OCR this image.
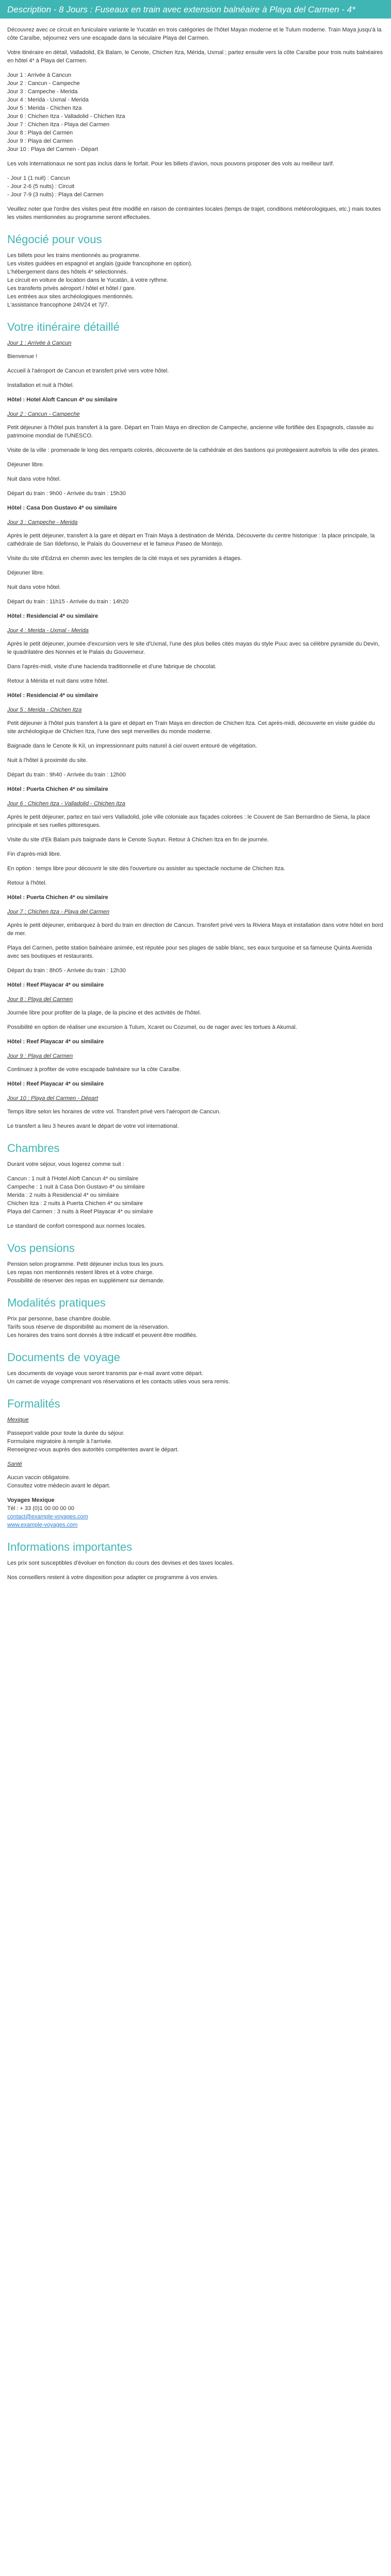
Description - 8 Jours : Fuseaux en train avec extension balnéaire à Playa del Carmen - 4*

Découvrez avec ce circuit en funiculaire variante le Yucatán en trois catégories de l'hôtel Mayan moderne et le Tulum moderne. Train Maya jusqu'à la côte Caraïbe, séjournez vers une escapade dans la séculaire Playa del Carmen.

Votre itinéraire en détail, Valladolid, Ek Balam, le Cenote, Chichen Itza, Mérida, Uxmal ; partez ensuite vers la côte Caraïbe pour trois nuits balnéaires en hôtel 4* à Playa del Carmen.

Jour 1 : Arrivée à Cancun
Jour 2 : Cancun - Campeche
Jour 3 : Campeche - Merida
Jour 4 : Merida - Uxmal - Merida
Jour 5 : Merida - Chichen Itza
Jour 6 : Chichen Itza - Valladolid - Chichen Itza
Jour 7 : Chichen Itza - Playa del Carmen
Jour 8 : Playa del Carmen
Jour 9 : Playa del Carmen
Jour 10 : Playa del Carmen - Départ

Les vols internationaux ne sont pas inclus dans le forfait. Pour les billets d'avion, nous pouvons proposer des vols au meilleur tarif.

- Jour 1 (1 nuit) : Cancun
- Jour 2-6 (5 nuits) : Circuit
- Jour 7-9 (3 nuits) : Playa del Carmen

Veuillez noter que l'ordre des visites peut être modifié en raison de contraintes locales (temps de trajet, conditions météorologiques, etc.) mais toutes les visites mentionnées au programme seront effectuées.

Négocié pour vous
Les billets pour les trains mentionnés au programme.
Les visites guidées en espagnol et anglais (guide francophone en option).
L'hébergement dans des hôtels 4* sélectionnés.
Le circuit en voiture de location dans le Yucatán, à votre rythme.
Les transferts privés aéroport / hôtel et hôtel / gare.
Les entrées aux sites archéologiques mentionnés.
L'assistance francophone 24h/24 et 7j/7.
Votre itinéraire détaillé
Jour 1 : Arrivée à Cancun

Bienvenue !

Accueil à l'aéroport de Cancun et transfert privé vers votre hôtel.

Installation et nuit à l'hôtel.

Hôtel : Hotel Aloft Cancun 4* ou similaire

Jour 2 : Cancun - Campeche

Petit déjeuner à l'hôtel puis transfert à la gare. Départ en Train Maya en direction de Campeche, ancienne ville fortifiée des Espagnols, classée au patrimoine mondial de l'UNESCO.

Visite de la ville : promenade le long des remparts colorés, découverte de la cathédrale et des bastions qui protégeaient autrefois la ville des pirates.

Déjeuner libre.

Nuit dans votre hôtel.

Départ du train : 9h00 - Arrivée du train : 15h30

Hôtel : Casa Don Gustavo 4* ou similaire

Jour 3 : Campeche - Merida

Après le petit déjeuner, transfert à la gare et départ en Train Maya à destination de Mérida. Découverte du centre historique : la place principale, la cathédrale de San Ildefonso, le Palais du Gouverneur et le fameux Paseo de Montejo.

Visite du site d'Edzná en chemin avec les temples de la cité maya et ses pyramides à étages.

Déjeuner libre.

Nuit dans votre hôtel.

Départ du train : 11h15 - Arrivée du train : 14h20

Hôtel : Residencial 4* ou similaire

Jour 4 : Merida - Uxmal - Merida

Après le petit déjeuner, journée d'excursion vers le site d'Uxmal, l'une des plus belles cités mayas du style Puuc avec sa célèbre pyramide du Devin, le quadrilatère des Nonnes et le Palais du Gouverneur.

Dans l'après-midi, visite d'une hacienda traditionnelle et d'une fabrique de chocolat.

Retour à Mérida et nuit dans votre hôtel.

Hôtel : Residencial 4* ou similaire

Jour 5 : Merida - Chichen Itza

Petit déjeuner à l'hôtel puis transfert à la gare et départ en Train Maya en direction de Chichen Itza. Cet après-midi, découverte en visite guidée du site archéologique de Chichen Itza, l'une des sept merveilles du monde moderne.

Baignade dans le Cenote Ik Kil, un impressionnant puits naturel à ciel ouvert entouré de végétation.

Nuit à l'hôtel à proximité du site.

Départ du train : 9h40 - Arrivée du train : 12h00

Hôtel : Puerta Chichen 4* ou similaire

Jour 6 : Chichen Itza - Valladolid - Chichen Itza

Après le petit déjeuner, partez en taxi vers Valladolid, jolie ville coloniale aux façades colorées : le Couvent de San Bernardino de Siena, la place principale et ses ruelles pittoresques.

Visite du site d'Ek Balam puis baignade dans le Cenote Suytun. Retour à Chichen Itza en fin de journée.

Fin d'après-midi libre.

En option : temps libre pour découvrir le site dès l'ouverture ou assister au spectacle nocturne de Chichen Itza.

Retour à l'hôtel.

Hôtel : Puerta Chichen 4* ou similaire

Jour 7 : Chichen Itza - Playa del Carmen

Après le petit déjeuner, embarquez à bord du train en direction de Cancun. Transfert privé vers la Riviera Maya et installation dans votre hôtel en bord de mer.

Playa del Carmen, petite station balnéaire animée, est réputée pour ses plages de sable blanc, ses eaux turquoise et sa fameuse Quinta Avenida avec ses boutiques et restaurants.

Départ du train : 8h05 - Arrivée du train : 12h30

Hôtel : Reef Playacar 4* ou similaire

Jour 8 : Playa del Carmen

Journée libre pour profiter de la plage, de la piscine et des activités de l'hôtel.

Possibilité en option de réaliser une excursion à Tulum, Xcaret ou Cozumel, ou de nager avec les tortues à Akumal.

Hôtel : Reef Playacar 4* ou similaire

Jour 9 : Playa del Carmen

Continuez à profiter de votre escapade balnéaire sur la côte Caraïbe.

Hôtel : Reef Playacar 4* ou similaire

Jour 10 : Playa del Carmen - Départ

Temps libre selon les horaires de votre vol. Transfert privé vers l'aéroport de Cancun.

Le transfert a lieu 3 heures avant le départ de votre vol international.

Chambres

Durant votre séjour, vous logerez comme suit :

Cancun : 1 nuit à l'Hotel Aloft Cancun 4* ou similaire
Campeche : 1 nuit à Casa Don Gustavo 4* ou similaire
Merida : 2 nuits à Residencial 4* ou similaire
Chichen Itza : 2 nuits à Puerta Chichen 4* ou similaire
Playa del Carmen : 3 nuits à Reef Playacar 4* ou similaire

Le standard de confort correspond aux normes locales.

Vos pensions
Pension selon programme. Petit déjeuner inclus tous les jours.
Les repas non mentionnés restent libres et à votre charge.
Possibilité de réserver des repas en supplément sur demande.
Modalités pratiques
Prix par personne, base chambre double.
Tarifs sous réserve de disponibilité au moment de la réservation.
Les horaires des trains sont donnés à titre indicatif et peuvent être modifiés.
Documents de voyage
Les documents de voyage vous seront transmis par e-mail avant votre départ.
Un carnet de voyage comprenant vos réservations et les contacts utiles vous sera remis.
Formalités
Mexique
Passeport valide pour toute la durée du séjour.
Formulaire migratoire à remplir à l'arrivée.
Renseignez-vous auprès des autorités compétentes avant le départ.
Santé
Aucun vaccin obligatoire.
Consultez votre médecin avant le départ.
Voyages Mexique
Tél : + 33 (0)1 00 00 00 00
contact@example-voyages.com
www.example-voyages.com
Informations importantes

Les prix sont susceptibles d'évoluer en fonction du cours des devises et des taxes locales.

Nos conseillers restent à votre disposition pour adapter ce programme à vos envies.
